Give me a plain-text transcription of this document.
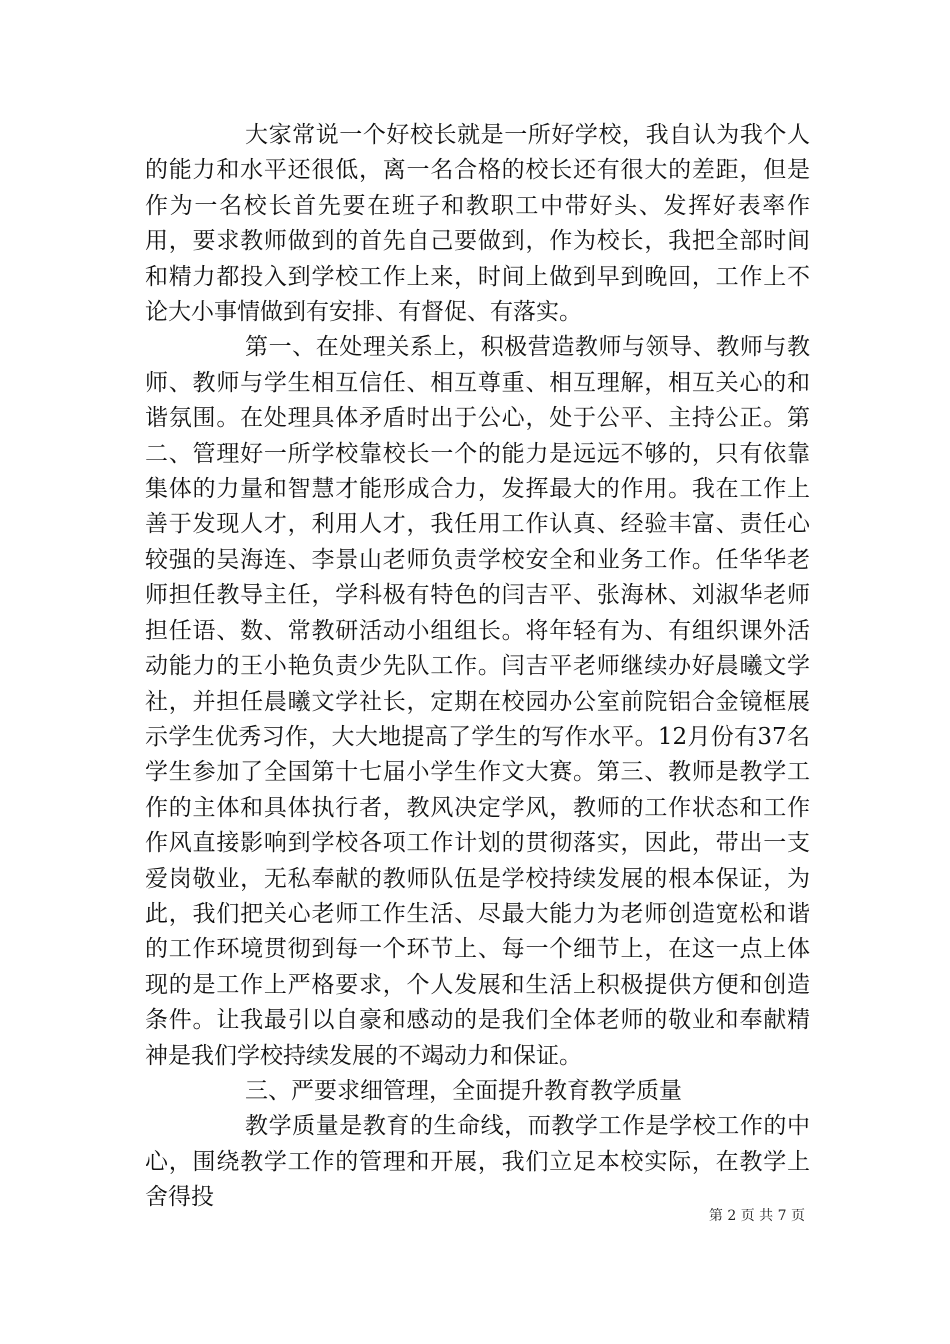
大家常说一个好校长就是一所好学校，我自认为我个人的能力和水平还很低，离一名合格的校长还有很大的差距，但是作为一名校长首先要在班子和教职工中带好头、发挥好表率作用，要求教师做到的首先自己要做到，作为校长，我把全部时间和精力都投入到学校工作上来，时间上做到早到晚回，工作上不论大小事情做到有安排、有督促、有落实。

第一、在处理关系上，积极营造教师与领导、教师与教师、教师与学生相互信任、相互尊重、相互理解，相互关心的和谐氛围。在处理具体矛盾时出于公心，处于公平、主持公正。第二、管理好一所学校靠校长一个的能力是远远不够的，只有依靠集体的力量和智慧才能形成合力，发挥最大的作用。我在工作上善于发现人才，利用人才，我任用工作认真、经验丰富、责任心较强的吴海连、李景山老师负责学校安全和业务工作。任华华老师担任教导主任，学科极有特色的闫吉平、张海林、刘淑华老师担任语、数、常教研活动小组组长。将年轻有为、有组织课外活动能力的王小艳负责少先队工作。闫吉平老师继续办好晨曦文学社，并担任晨曦文学社长，定期在校园办公室前院铝合金镜框展示学生优秀习作，大大地提高了学生的写作水平。12月份有37名学生参加了全国第十七届小学生作文大赛。第三、教师是教学工作的主体和具体执行者，教风决定学风，教师的工作状态和工作作风直接影响到学校各项工作计划的贯彻落实，因此，带出一支爱岗敬业，无私奉献的教师队伍是学校持续发展的根本保证，为此，我们把关心老师工作生活、尽最大能力为老师创造宽松和谐的工作环境贯彻到每一个环节上、每一个细节上，在这一点上体现的是工作上严格要求，个人发展和生活上积极提供方便和创造条件。让我最引以自豪和感动的是我们全体老师的敬业和奉献精神是我们学校持续发展的不竭动力和保证。

三、严要求细管理，全面提升教育教学质量

教学质量是教育的生命线，而教学工作是学校工作的中心，围绕教学工作的管理和开展，我们立足本校实际，在教学上舍得投

第 2 页 共 7 页
